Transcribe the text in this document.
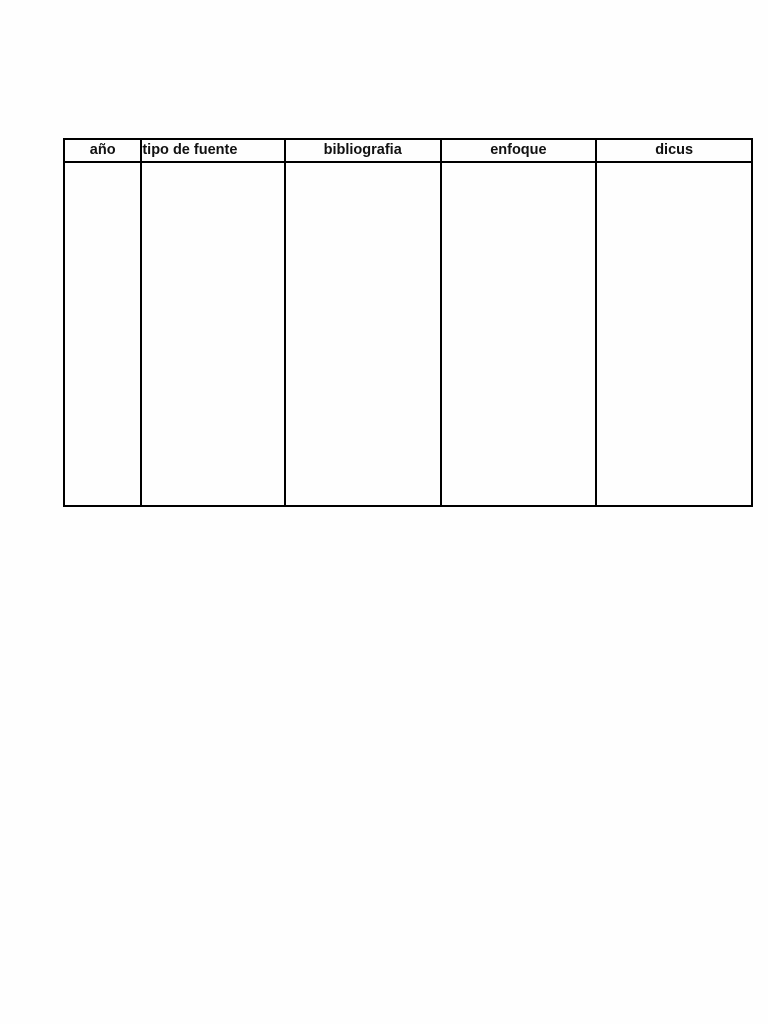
año	tipo de fuente	bibliografia	enfoque	dicus
